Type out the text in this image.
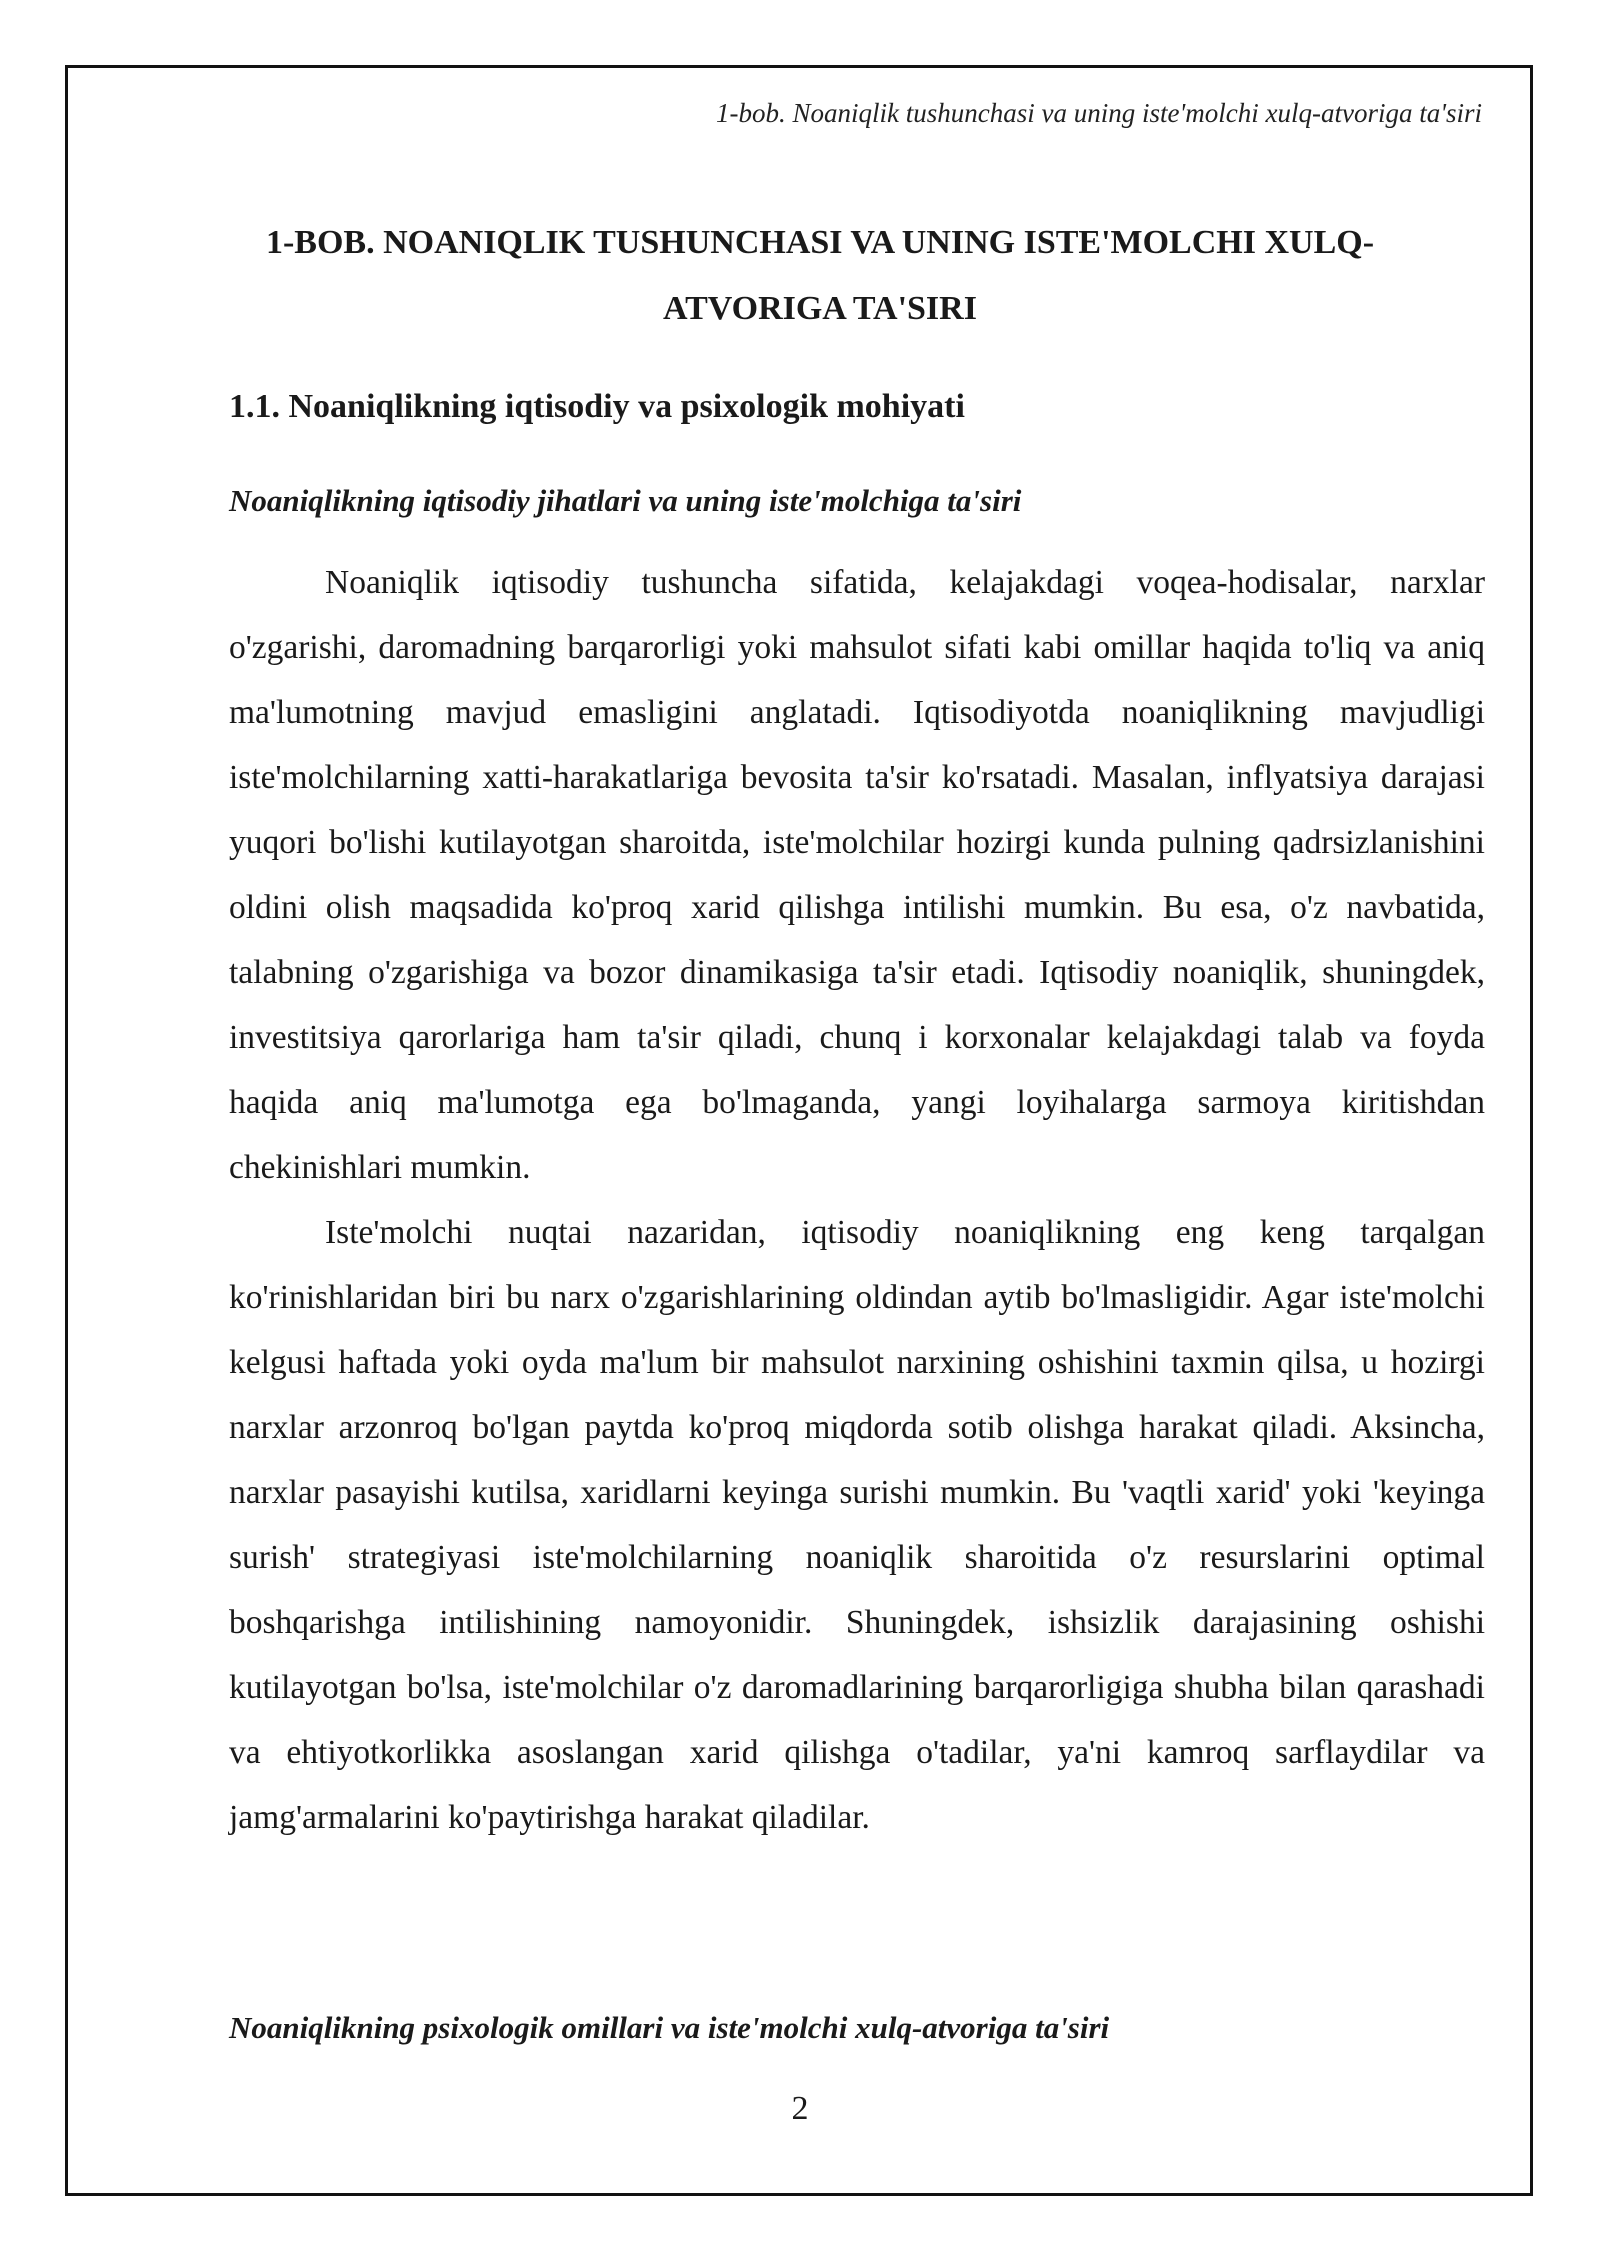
1-bob. Noaniqlik tushunchasi va uning iste'molchi xulq-atvoriga ta'siri
1-BOB. NOANIQLIK TUSHUNCHASI VA UNING ISTE'MOLCHI XULQ-ATVORIGA TA'SIRI
1.1. Noaniqlikning iqtisodiy va psixologik mohiyati
Noaniqlikning iqtisodiy jihatlari va uning iste'molchiga ta'siri

Noaniqlik iqtisodiy tushuncha sifatida, kelajakdagi voqea-hodisalar, narxlar o'zgarishi, daromadning barqarorligi yoki mahsulot sifati kabi omillar haqida to'liq va aniq ma'lumotning mavjud emasligini anglatadi. Iqtisodiyotda noaniqlikning mavjudligi iste'molchilarning xatti-harakatlariga bevosita ta'sir ko'rsatadi. Masalan, inflyatsiya darajasi yuqori bo'lishi kutilayotgan sharoitda, iste'molchilar hozirgi kunda pulning qadrsizlanishini oldini olish maqsadida ko'proq xarid qilishga intilishi mumkin. Bu esa, o'z navbatida, talabning o'zgarishiga va bozor dinamikasiga ta'sir etadi. Iqtisodiy noaniqlik, shuningdek, investitsiya qarorlariga ham ta'sir qiladi, chunq i korxonalar kelajakdagi talab va foyda haqida aniq ma'lumotga ega bo'lmaganda, yangi loyihalarga sarmoya kiritishdan chekinishlari mumkin.

Iste'molchi nuqtai nazaridan, iqtisodiy noaniqlikning eng keng tarqalgan ko'rinishlaridan biri bu narx o'zgarishlarining oldindan aytib bo'lmasligidir. Agar iste'molchi kelgusi haftada yoki oyda ma'lum bir mahsulot narxining oshishini taxmin qilsa, u hozirgi narxlar arzonroq bo'lgan paytda ko'proq miqdorda sotib olishga harakat qiladi. Aksincha, narxlar pasayishi kutilsa, xaridlarni keyinga surishi mumkin. Bu 'vaqtli xarid' yoki 'keyinga surish' strategiyasi iste'molchilarning noaniqlik sharoitida o'z resurslarini optimal boshqarishga intilishining namoyonidir. Shuningdek, ishsizlik darajasining oshishi kutilayotgan bo'lsa, iste'molchilar o'z daromadlarining barqarorligiga shubha bilan qarashadi va ehtiyotkorlikka asoslangan xarid qilishga o'tadilar, ya'ni kamroq sarflaydilar va jamg'armalarini ko'paytirishga harakat qiladilar.

Noaniqlikning psixologik omillari va iste'molchi xulq-atvoriga ta'siri
2
